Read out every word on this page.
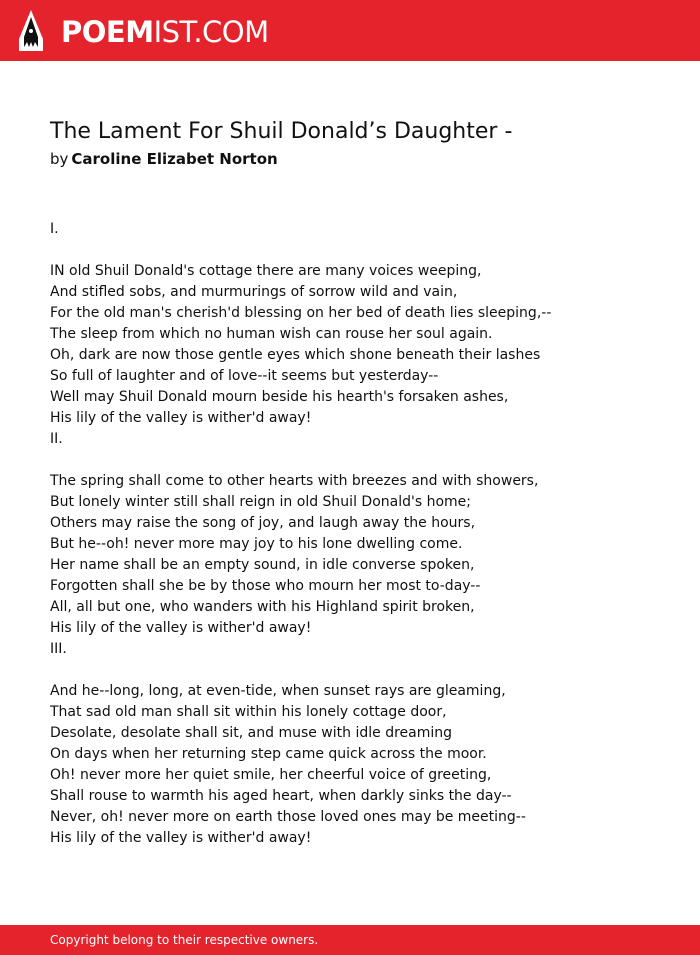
POEMIST.COM
The Lament For Shuil Donald’s Daughter -
by Caroline Elizabet Norton
I.
IN old Shuil Donald's cottage there are many voices weeping,
And stifled sobs, and murmurings of sorrow wild and vain,
For the old man's cherish'd blessing on her bed of death lies sleeping,--
The sleep from which no human wish can rouse her soul again.
Oh, dark are now those gentle eyes which shone beneath their lashes
So full of laughter and of love--it seems but yesterday--
Well may Shuil Donald mourn beside his hearth's forsaken ashes,
His lily of the valley is wither'd away!
II.
The spring shall come to other hearts with breezes and with showers,
But lonely winter still shall reign in old Shuil Donald's home;
Others may raise the song of joy, and laugh away the hours,
But he--oh! never more may joy to his lone dwelling come.
Her name shall be an empty sound, in idle converse spoken,
Forgotten shall she be by those who mourn her most to-day--
All, all but one, who wanders with his Highland spirit broken,
His lily of the valley is wither'd away!
III.
And he--long, long, at even-tide, when sunset rays are gleaming,
That sad old man shall sit within his lonely cottage door,
Desolate, desolate shall sit, and muse with idle dreaming
On days when her returning step came quick across the moor.
Oh! never more her quiet smile, her cheerful voice of greeting,
Shall rouse to warmth his aged heart, when darkly sinks the day--
Never, oh! never more on earth those loved ones may be meeting--
His lily of the valley is wither'd away!
Copyright belong to their respective owners.
